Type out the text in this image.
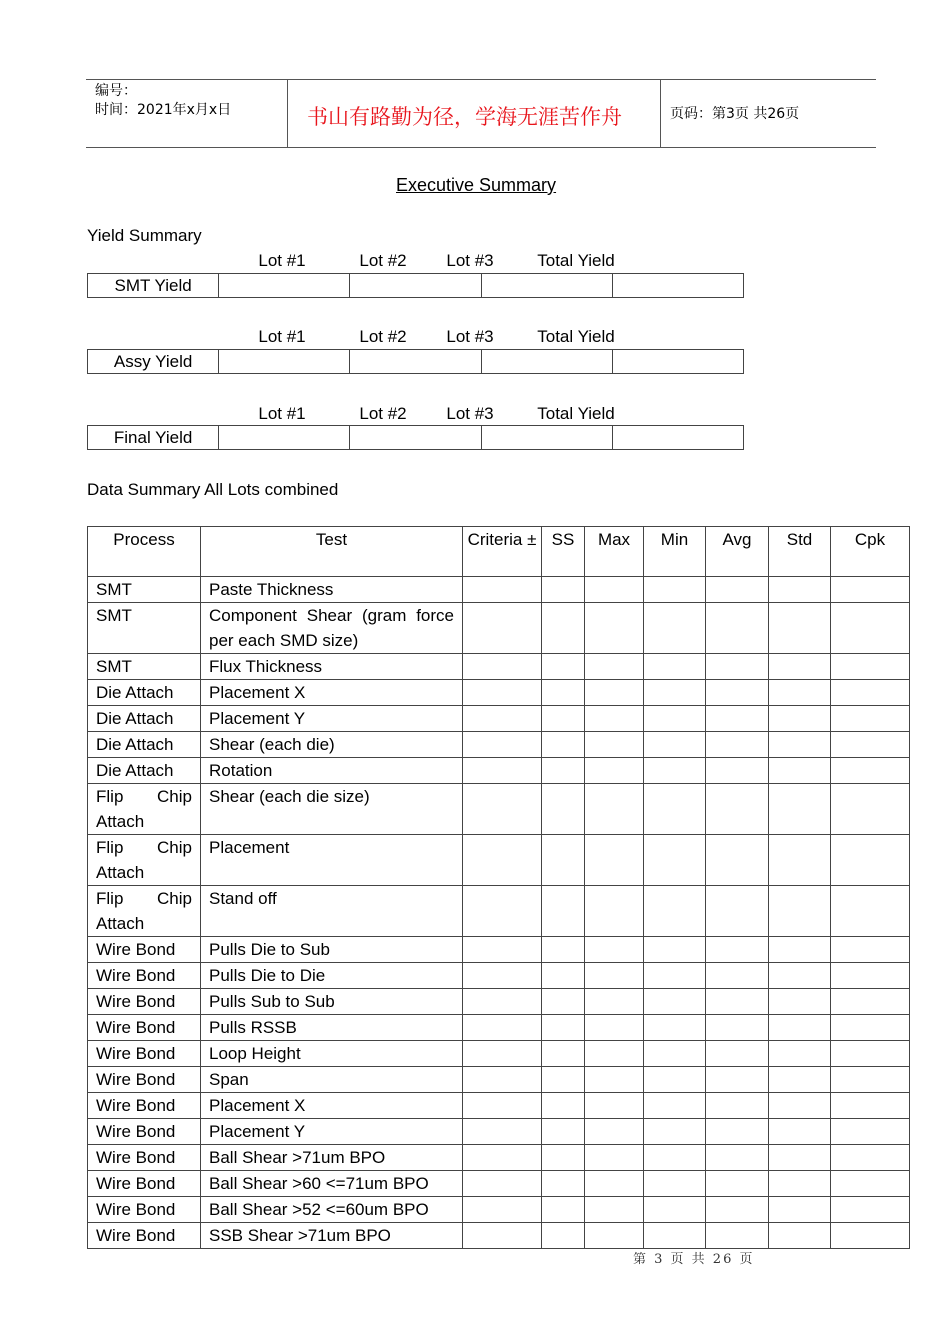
编号：
时间：2021年x月x日	书山有路勤为径，学海无涯苦作舟	页码：第3页 共26页
Executive Summary
Yield Summary
Lot #1	Lot #2 Lot #3	Total Yield
SMT Yield
Lot #1	Lot #2 Lot #3	Total Yield
Assy Yield
Lot #1	Lot #2 Lot #3	Total Yield
Final Yield
Data Summary All Lots combined
Process	Test	Criteria ±	SS	Max	Min	Avg	Std	Cpk
SMT	Paste Thickness							
SMT	Component Shear (gram force per each SMD size)							
SMT	Flux Thickness							
Die Attach	Placement X							
Die Attach	Placement Y							
Die Attach	Shear (each die)							
Die Attach	Rotation							
Flip Chip Attach	Shear (each die size)							
Flip Chip Attach	Placement							
Flip Chip Attach	Stand off							
Wire Bond	Pulls Die to Sub							
Wire Bond	Pulls Die to Die							
Wire Bond	Pulls Sub to Sub							
Wire Bond	Pulls RSSB							
Wire Bond	Loop Height							
Wire Bond	Span							
Wire Bond	Placement X							
Wire Bond	Placement Y							
Wire Bond	Ball Shear >71um BPO							
Wire Bond	Ball Shear >60 <=71um BPO							
Wire Bond	Ball Shear >52 <=60um BPO							
Wire Bond	SSB Shear >71um BPO							
第 3 页 共 26 页
